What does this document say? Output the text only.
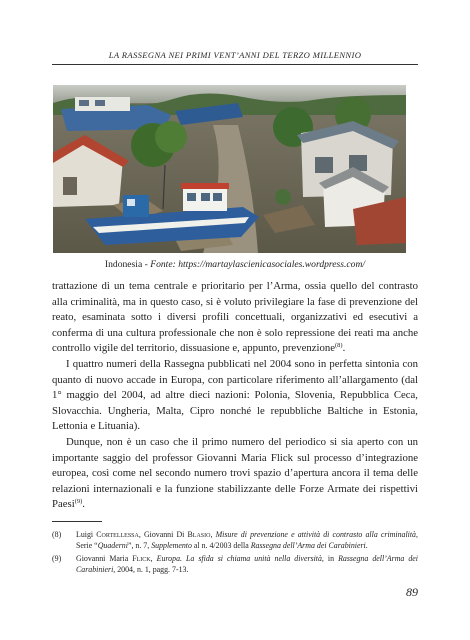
LA RASSEGNA NEI PRIMI VENT’ANNI DEL TERZO MILLENNIO
Indonesia - Fonte: https://martaylascienicasociales.wordpress.com/

trattazione di un tema centrale e prioritario per l’Arma, ossia quello del contrasto alla criminalità, ma in questo caso, si è voluto privilegiare la fase di prevenzione del reato, esaminata sotto i diversi profili concettuali, organizzativi ed esecutivi a conferma di una cultura professionale che non è solo repressione dei reati ma anche controllo vigile del territorio, dissuasione e, appunto, prevenzione$^{(8)}$.

I quattro numeri della Rassegna pubblicati nel 2004 sono in perfetta sintonia con quanto di nuovo accade in Europa, con particolare riferimento all’allargamento (dal 1° maggio del 2004, ad altre dieci nazioni: Polonia, Slovenia, Repubblica Ceca, Slovacchia. Ungheria, Malta, Cipro nonché le repubbliche Baltiche in Estonia, Lettonia e Lituania).

Dunque, non è un caso che il primo numero del periodico si sia aperto con un importante saggio del professor Giovanni Maria Flick sul processo d’integrazione europea, così come nel secondo numero trovi spazio d’apertura ancora il tema delle relazioni internazionali e la funzione stabilizzante delle Forze Armate dei rispettivi Paesi$^{(9)}$.

(8)	Luigi Cortellessa, Giovanni Di Blasio, Misure di prevenzione e attività di contrasto alla criminalità, Serie “Quaderni”, n. 7, Supplemento al n. 4/2003 della Rassegna dell’Arma dei Carabinieri.
(9)	Giovanni Maria Flick, Europa. La sfida si chiama unità nella diversità, in Rassegna dell’Arma dei Carabinieri, 2004, n. 1, pagg. 7-13.
89
